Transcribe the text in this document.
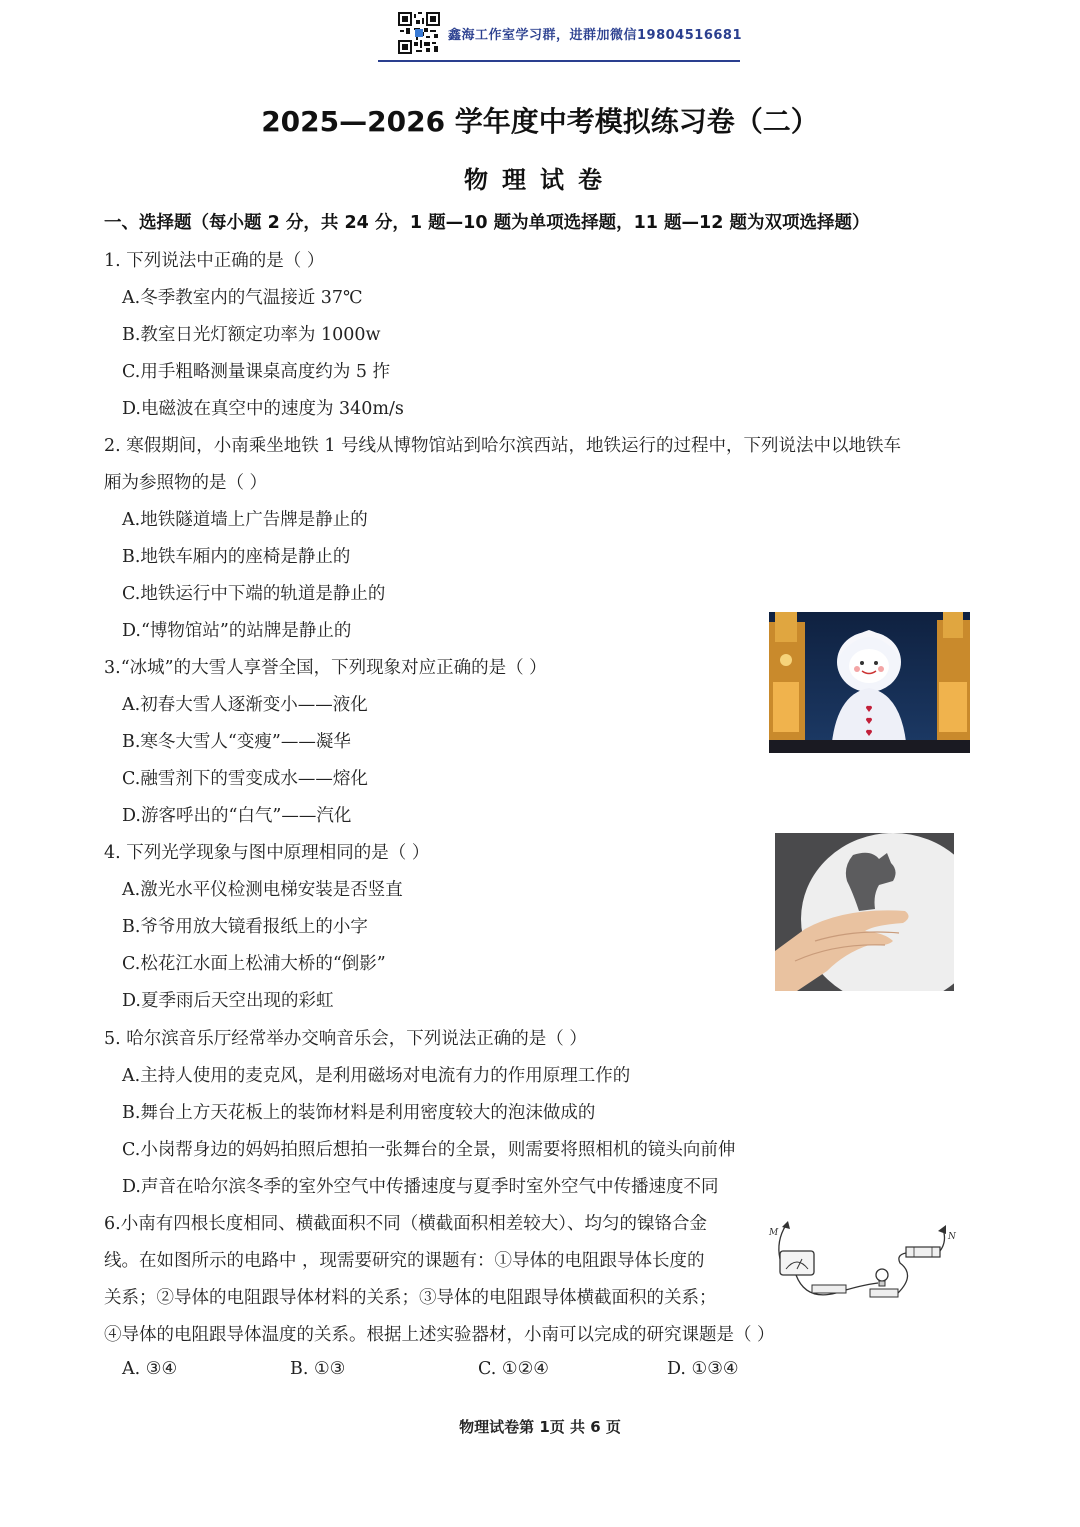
鑫海工作室学习群，进群加微信19804516681
2025—2026 学年度中考模拟练习卷（二）
物理试卷
一、选择题（每小题 2 分，共 24 分，1 题—10 题为单项选择题，11 题—12 题为双项选择题）
1. 下列说法中正确的是（ ）
A.冬季教室内的气温接近 37℃
B.教室日光灯额定功率为 1000w
C.用手粗略测量课桌高度约为 5 拃
D.电磁波在真空中的速度为 340m/s
2. 寒假期间，小南乘坐地铁 1 号线从博物馆站到哈尔滨西站，地铁运行的过程中，下列说法中以地铁车
厢为参照物的是（ ）
A.地铁隧道墙上广告牌是静止的
B.地铁车厢内的座椅是静止的
C.地铁运行中下端的轨道是静止的
D.“博物馆站”的站牌是静止的
3.“冰城”的大雪人享誉全国，下列现象对应正确的是（ ）
A.初春大雪人逐渐变小——液化
B.寒冬大雪人“变瘦”——凝华
C.融雪剂下的雪变成水——熔化
D.游客呼出的“白气”——汽化
4. 下列光学现象与图中原理相同的是（ ）
A.激光水平仪检测电梯安装是否竖直
B.爷爷用放大镜看报纸上的小字
C.松花江水面上松浦大桥的“倒影”
D.夏季雨后天空出现的彩虹
5. 哈尔滨音乐厅经常举办交响音乐会，下列说法正确的是（ ）
A.主持人使用的麦克风，是利用磁场对电流有力的作用原理工作的
B.舞台上方天花板上的装饰材料是利用密度较大的泡沫做成的
C.小岗帮身边的妈妈拍照后想拍一张舞台的全景，则需要将照相机的镜头向前伸
D.声音在哈尔滨冬季的室外空气中传播速度与夏季时室外空气中传播速度不同
6.小南有四根长度相同、横截面积不同（横截面积相差较大）、均匀的镍铬合金
线。在如图所示的电路中 ，现需要研究的课题有：①导体的电阻跟导体长度的
关系；②导体的电阻跟导体材料的关系；③导体的电阻跟导体横截面积的关系；
④导体的电阻跟导体温度的关系。根据上述实验器材，小南可以完成的研究课题是（ ）
A. ③④	B. ①③	C. ①②④	D. ①③④
M	N
物理试卷第 1页 共 6 页
